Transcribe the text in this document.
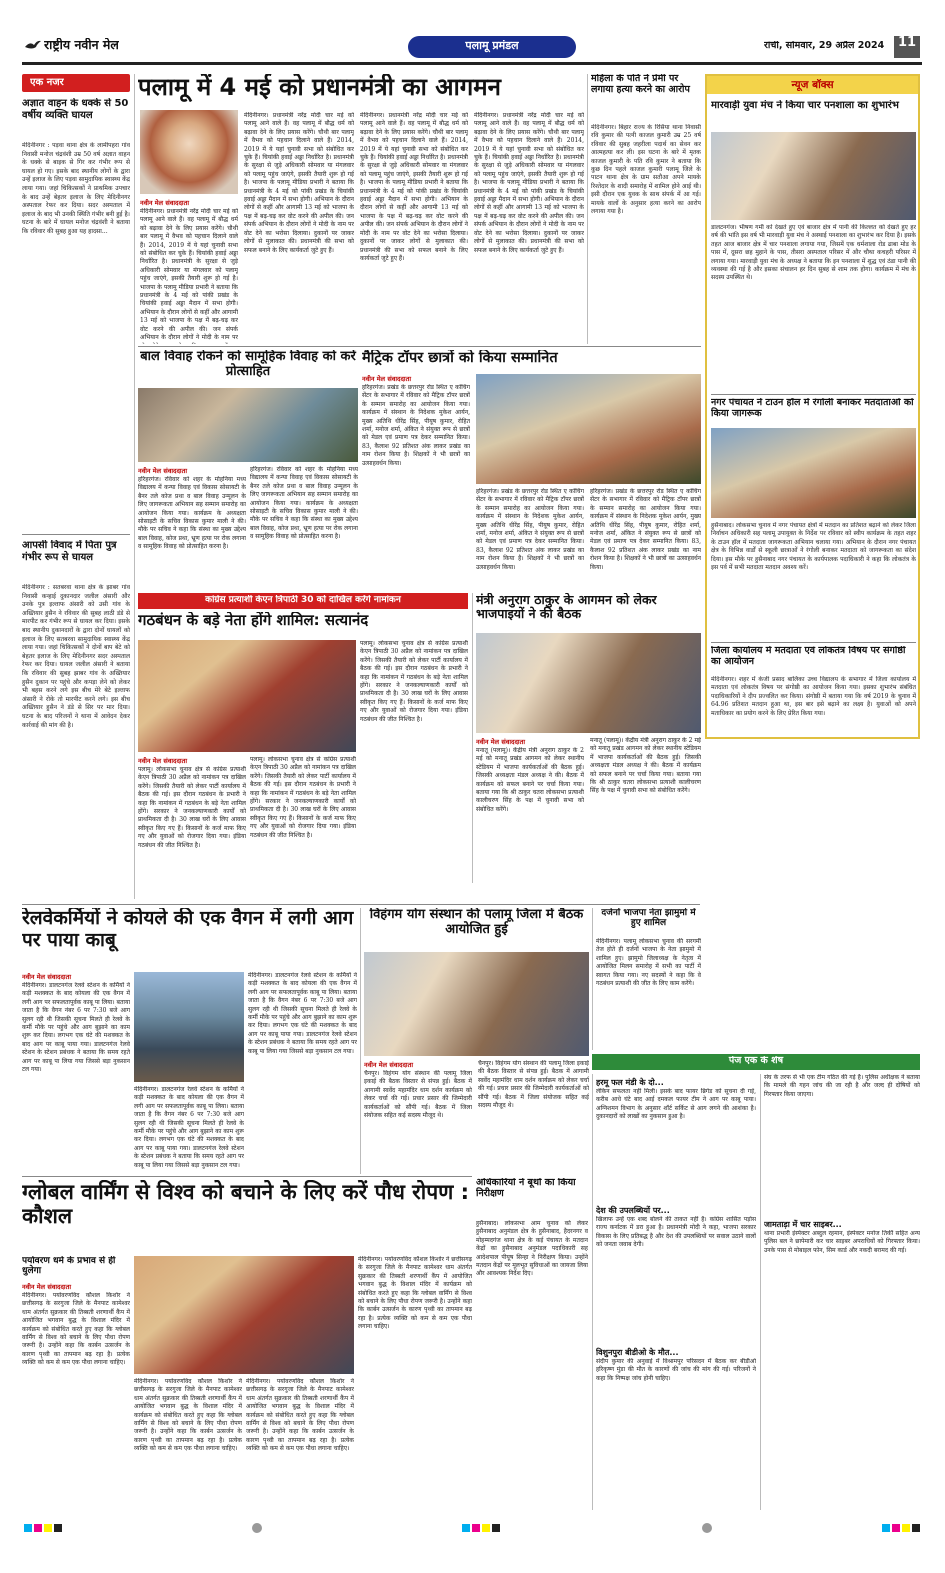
राष्ट्रीय नवीन मेल	पलामू प्रमंडल	रांची, सोमवार, 29 अप्रैल 2024	11
एक नजर
अज्ञात वाहन के धक्के से 50 वर्षीय व्यक्ति घायल
मेदिनीनगर : पड़वा थाना क्षेत्र के लामीपहरा गांव निवासी मनोज चंद्रवंशी उम्र 50 वर्ष अज्ञात वाहन के धक्के से बाइक से गिर कर गंभीर रूप से घायल हो गए। इसके बाद स्थानीय लोगों के द्वारा उन्हें इलाज के लिए पड़वा सामुदायिक स्वास्थ्य केंद्र लाया गया। जहां चिकित्सकों ने प्राथमिक उपचार के बाद उन्हें बेहतर इलाज के लिए मेदिनीनगर अस्पताल रेफर कर दिया। सदर अस्पताल में इलाज के बाद भी उनकी स्थिति गंभीर बनी हुई है। घटना के बारे में घायल मनोज चंद्रवंशी ने बताया कि रविवार की सुबह हुआ यह हादसा...
आपसी विवाद में पिता पुत्र गंभीर रूप से घायल
मेदिनीनगर : सतबरवा थाना क्षेत्र के झाबर गांव निवासी कन्हाई दुकानदार जलील अंसारी और उनके पुत्र इल्ताफ अंसारी को उसी गांव के अख्तियार हुसैन ने रविवार की सुबह लाठी डंडे से मारपीट कर गंभीर रूप से घायल कर दिया। इसके बाद स्थानीय दुकानदारों के द्वारा दोनों घायलों को इलाज के लिए सतबरवा सामुदायिक स्वास्थ्य केंद्र लाया गया। जहां चिकित्सकों ने दोनों बाप बेटे को बेहतर इलाज के लिए मेदिनीनगर सदर अस्पताल रेफर कर दिया। घायल जलील अंसारी ने बताया कि रविवार की सुबह झाबर गांव के अख्तियार हुसैन दुकान पर पहुंचे और कपड़ा लेने को लेकर भी बहस करने लगे इस बीच मेरे बेटे इल्ताफ अंसारी ने रोके तो मारपीट करने लगे। इस बीच अख्तियार हुसैन ने डंडे से सिर पर मार दिया। घटना के बाद परिजनों ने थाना में आवेदन देकर कार्रवाई की मांग की है।
पलामू में 4 मई को प्रधानमंत्री का आगमन
नवीन मेल संवाददाता
मेदिनीनगर। प्रधानमंत्री नरेंद्र मोदी चार मई को पलामू आने वाले हैं। वह पलामू में बौद्ध धर्म को बढ़ावा देने के लिए प्रयास करेंगे। चौथी बार पलामू में वैभव को पहचान दिलाने वाले हैं। 2014, 2019 में ये यहां चुनावी सभा को संबोधित कर चुके हैं। चियांकी हवाई अड्डा निर्धारित है। प्रधानमंत्री के सुरक्षा से जुड़े अधिकारी सोमवार या मंगलवार को पलामू पहुंच जाएंगे, इसकी तैयारी शुरू हो गई है। भाजपा के पलामू मीडिया प्रभारी ने बताया कि प्रधानमंत्री के 4 मई को पांकी प्रखंड के चियांकी हवाई अड्डा मैदान में सभा होगी। अभियान के दौरान लोगों से कहीं और आगामी 13 मई को भाजपा के पक्ष में बढ़-चढ़ कर वोट करने की अपील की। जन संपर्क अभियान के दौरान लोगों ने मोदी के नाम पर
मेदिनीनगर। प्रधानमंत्री नरेंद्र मोदी चार मई को पलामू आने वाले हैं। वह पलामू में बौद्ध धर्म को बढ़ावा देने के लिए प्रयास करेंगे। चौथी बार पलामू में वैभव को पहचान दिलाने वाले हैं। 2014, 2019 में ये यहां चुनावी सभा को संबोधित कर चुके हैं। चियांकी हवाई अड्डा निर्धारित है। प्रधानमंत्री के सुरक्षा से जुड़े अधिकारी सोमवार या मंगलवार को पलामू पहुंच जाएंगे, इसकी तैयारी शुरू हो गई है। भाजपा के पलामू मीडिया प्रभारी ने बताया कि प्रधानमंत्री के 4 मई को पांकी प्रखंड के चियांकी हवाई अड्डा मैदान में सभा होगी। अभियान के दौरान लोगों से कहीं और आगामी 13 मई को भाजपा के पक्ष में बढ़-चढ़ कर वोट करने की अपील की। जन संपर्क अभियान के दौरान लोगों ने मोदी के नाम पर वोट देने का भरोसा दिलाया। दुकानों पर जाकर लोगों से मुलाकात की। प्रधानमंत्री की सभा को सफल बनाने के लिए कार्यकर्ता जुटे हुए हैं।
मेदिनीनगर। प्रधानमंत्री नरेंद्र मोदी चार मई को पलामू आने वाले हैं। वह पलामू में बौद्ध धर्म को बढ़ावा देने के लिए प्रयास करेंगे। चौथी बार पलामू में वैभव को पहचान दिलाने वाले हैं। 2014, 2019 में ये यहां चुनावी सभा को संबोधित कर चुके हैं। चियांकी हवाई अड्डा निर्धारित है। प्रधानमंत्री के सुरक्षा से जुड़े अधिकारी सोमवार या मंगलवार को पलामू पहुंच जाएंगे, इसकी तैयारी शुरू हो गई है। भाजपा के पलामू मीडिया प्रभारी ने बताया कि प्रधानमंत्री के 4 मई को पांकी प्रखंड के चियांकी हवाई अड्डा मैदान में सभा होगी। अभियान के दौरान लोगों से कहीं और आगामी 13 मई को भाजपा के पक्ष में बढ़-चढ़ कर वोट करने की अपील की। जन संपर्क अभियान के दौरान लोगों ने मोदी के नाम पर वोट देने का भरोसा दिलाया। दुकानों पर जाकर लोगों से मुलाकात की। प्रधानमंत्री की सभा को सफल बनाने के लिए कार्यकर्ता जुटे हुए हैं।
मेदिनीनगर। प्रधानमंत्री नरेंद्र मोदी चार मई को पलामू आने वाले हैं। वह पलामू में बौद्ध धर्म को बढ़ावा देने के लिए प्रयास करेंगे। चौथी बार पलामू में वैभव को पहचान दिलाने वाले हैं। 2014, 2019 में ये यहां चुनावी सभा को संबोधित कर चुके हैं। चियांकी हवाई अड्डा निर्धारित है। प्रधानमंत्री के सुरक्षा से जुड़े अधिकारी सोमवार या मंगलवार को पलामू पहुंच जाएंगे, इसकी तैयारी शुरू हो गई है। भाजपा के पलामू मीडिया प्रभारी ने बताया कि प्रधानमंत्री के 4 मई को पांकी प्रखंड के चियांकी हवाई अड्डा मैदान में सभा होगी। अभियान के दौरान लोगों से कहीं और आगामी 13 मई को भाजपा के पक्ष में बढ़-चढ़ कर वोट करने की अपील की। जन संपर्क अभियान के दौरान लोगों ने मोदी के नाम पर वोट देने का भरोसा दिलाया। दुकानों पर जाकर लोगों से मुलाकात की। प्रधानमंत्री की सभा को सफल बनाने के लिए कार्यकर्ता जुटे हुए हैं।
महिला के पति ने प्रेमी पर लगाया हत्या करने का आरोप
मेदिनीनगर। बिहार राज्य के रिसिया थाना निवासी रवि कुमार की पत्नी काजल कुमारी उम्र 25 वर्ष रविवार की सुबह जहरीला पदार्थ का सेवन कर आत्महत्या कर ली। इस घटना के बारे में मृतक काजल कुमारी के पति रवि कुमार ने बताया कि कुछ दिन पहले काजल कुमारी पलामू जिले के पाटन थाना क्षेत्र के ग्राम सतौआ अपने मायके रिश्तेदार के शादी समारोह में शामिल होने आई थी। इसी दौरान एक युवक के साथ संपर्क में आ गई। मायके वालों के अनुसार हत्या करने का आरोप लगाया गया है।
न्यूज बॉक्स
मारवाड़ी युवा मंच ने किया चार पनशाला का शुभारंभ
डालटनगंज। भीषण गर्मी को देखते हुए एवं बाजार क्षेत्र में पानी की किल्लत को देखते हुए हर वर्ष की भांति इस वर्ष भी मारवाड़ी युवा मंच ने अस्थाई पनशाला का शुभारंभ कर दिया है। इसके तहत आज बाजार क्षेत्र में चार पनशाला लगाया गया, जिसमें एक धर्मशाला रोड ढाबा मोड के पास में, दूसरा छह मुहाने के पास, तीसरा अस्पताल परिसर में और चौथा कचहरी परिसर में लगाया गया। मारवाड़ी युवा मंच के अध्यक्ष ने बताया कि इन पनशाला में शुद्ध एवं ठंडा पानी की व्यवस्था की गई है और इसका संचालन हर दिन सुबह से शाम तक होगा। कार्यक्रम में मंच के सदस्य उपस्थित थे।
नगर पंचायत ने टाउन हॉल में रंगोली बनाकर मतदाताओं को किया जागरूक
हुसैनाबाद। लोकसभा चुनाव में नगर पंचायत क्षेत्रों में मतदान का प्रतिशत बढ़ाने को लेकर जिला निर्वाचन अधिकारी सह पलामू उपायुक्त के निर्देश पर रविवार को स्वीप कार्यक्रम के तहत शहर के टाउन हॉल में मतदाता जागरूकता अभियान चलाया गया। अभियान के दौरान नगर पंचायत क्षेत्र के विभिन्न वार्डों से स्कूली छात्राओं ने रंगोली बनाकर मतदाता को जागरूकता का संदेश दिया। इस मौके पर हुसैनाबाद नगर पंचायत के कार्यपालक पदाधिकारी ने कहा कि लोकतंत्र के इस पर्व में सभी मतदाता मतदान अवश्य करें।
जिला कार्यालय में मतदाता एवं लोकतंत्र विषय पर संगोष्ठी का आयोजन
मेदिनीनगर। शहर में केजी प्रसाद बालिका उच्च विद्यालय के सभागार में जिला कार्यालय में मतदाता एवं लोकतंत्र विषय पर संगोष्ठी का आयोजन किया गया। इसका शुभारंभ संबंधित पदाधिकारियों ने दीप प्रज्वलित कर किया। संगोष्ठी में बताया गया कि वर्ष 2019 के चुनाव में 64.96 प्रतिशत मतदान हुआ था, इस बार इसे बढ़ाने का लक्ष्य है। युवाओं को अपने मताधिकार का प्रयोग करने के लिए प्रेरित किया गया।
बाल विवाह रोकने को सामूहिक विवाह को करें प्रोत्साहित
नवीन मेल संवाददाता
हरिहरगंज। रविवार को शहर के मोहनिया मध्य विद्यालय में कन्या विवाह एवं विकास सोसायटी के बैनर तले कोज प्रथा व बाल विवाह उन्मूलन के लिए जागरूकता अभियान सह सम्मान समारोह का आयोजन किया गया। कार्यक्रम के अध्यक्षता सोसाइटी के सचिव विकास कुमार माली ने की। मौके पर सचिव ने कहा कि संस्था का मुख्य उद्देश्य बाल विवाह, कोज प्रथा, भ्रूण हत्या पर रोक लगाना व सामूहिक विवाह को प्रोत्साहित करना है।
हरिहरगंज। रविवार को शहर के मोहनिया मध्य विद्यालय में कन्या विवाह एवं विकास सोसायटी के बैनर तले कोज प्रथा व बाल विवाह उन्मूलन के लिए जागरूकता अभियान सह सम्मान समारोह का आयोजन किया गया। कार्यक्रम के अध्यक्षता सोसाइटी के सचिव विकास कुमार माली ने की। मौके पर सचिव ने कहा कि संस्था का मुख्य उद्देश्य बाल विवाह, कोज प्रथा, भ्रूण हत्या पर रोक लगाना व सामूहिक विवाह को प्रोत्साहित करना है।
मैट्रिक टॉपर छात्रों को किया सम्मानित
नवीन मेल संवाददाता
हरिहरगंज। प्रखंड के छत्तरपुर रोड स्थित ए कोचिंग सेंटर के सभागार में रविवार को मैट्रिक टॉपर छात्रों के सम्मान समारोह का आयोजन किया गया। कार्यक्रम में संस्थान के निदेशक मुकेश आर्यन, मुख्य अतिथि धीरेंद्र सिंह, पीयूष कुमार, रोहित शर्मा, मनोज शर्मा, अंकित ने संयुक्त रूप से छात्रों को मेडल एवं प्रमाण पत्र देकर सम्मानित किया। 83, कैलाश 92 प्रतिशत अंक लाकर प्रखंड का नाम रोशन किया है। शिक्षकों ने भी छात्रों का उत्साहवर्धन किया।
हरिहरगंज। प्रखंड के छत्तरपुर रोड स्थित ए कोचिंग सेंटर के सभागार में रविवार को मैट्रिक टॉपर छात्रों के सम्मान समारोह का आयोजन किया गया। कार्यक्रम में संस्थान के निदेशक मुकेश आर्यन, मुख्य अतिथि धीरेंद्र सिंह, पीयूष कुमार, रोहित शर्मा, मनोज शर्मा, अंकित ने संयुक्त रूप से छात्रों को मेडल एवं प्रमाण पत्र देकर सम्मानित किया। 83, कैलाश 92 प्रतिशत अंक लाकर प्रखंड का नाम रोशन किया है। शिक्षकों ने भी छात्रों का उत्साहवर्धन किया।
हरिहरगंज। प्रखंड के छत्तरपुर रोड स्थित ए कोचिंग सेंटर के सभागार में रविवार को मैट्रिक टॉपर छात्रों के सम्मान समारोह का आयोजन किया गया। कार्यक्रम में संस्थान के निदेशक मुकेश आर्यन, मुख्य अतिथि धीरेंद्र सिंह, पीयूष कुमार, रोहित शर्मा, मनोज शर्मा, अंकित ने संयुक्त रूप से छात्रों को मेडल एवं प्रमाण पत्र देकर सम्मानित किया। 83, कैलाश 92 प्रतिशत अंक लाकर प्रखंड का नाम रोशन किया है। शिक्षकों ने भी छात्रों का उत्साहवर्धन किया।
कांग्रेस प्रत्याशी केएन त्रिपाठी 30 को दाखिल करेंगे नामांकन
गठबंधन के बड़े नेता होंगे शामिल: सत्यानंद
नवीन मेल संवाददाता
पलामू। लोकसभा चुनाव क्षेत्र से कांग्रेस प्रत्याशी केएन त्रिपाठी 30 अप्रैल को नामांकन पत्र दाखिल करेंगे। जिसकी तैयारी को लेकर पार्टी कार्यालय में बैठक की गई। इस दौरान गठबंधन के प्रभारी ने कहा कि नामांकन में गठबंधन के बड़े नेता शामिल होंगे। सरकार ने जनकल्याणकारी कार्यों को प्राथमिकता दी है। 30 लाख घरों के लिए आवास स्वीकृत किए गए हैं। किसानों के कर्ज माफ किए गए और युवाओं को रोजगार दिया गया। इंडिया गठबंधन की जीत निश्चित है।
पलामू। लोकसभा चुनाव क्षेत्र से कांग्रेस प्रत्याशी केएन त्रिपाठी 30 अप्रैल को नामांकन पत्र दाखिल करेंगे। जिसकी तैयारी को लेकर पार्टी कार्यालय में बैठक की गई। इस दौरान गठबंधन के प्रभारी ने कहा कि नामांकन में गठबंधन के बड़े नेता शामिल होंगे। सरकार ने जनकल्याणकारी कार्यों को प्राथमिकता दी है। 30 लाख घरों के लिए आवास स्वीकृत किए गए हैं। किसानों के कर्ज माफ किए गए और युवाओं को रोजगार दिया गया। इंडिया गठबंधन की जीत निश्चित है।
पलामू। लोकसभा चुनाव क्षेत्र से कांग्रेस प्रत्याशी केएन त्रिपाठी 30 अप्रैल को नामांकन पत्र दाखिल करेंगे। जिसकी तैयारी को लेकर पार्टी कार्यालय में बैठक की गई। इस दौरान गठबंधन के प्रभारी ने कहा कि नामांकन में गठबंधन के बड़े नेता शामिल होंगे। सरकार ने जनकल्याणकारी कार्यों को प्राथमिकता दी है। 30 लाख घरों के लिए आवास स्वीकृत किए गए हैं। किसानों के कर्ज माफ किए गए और युवाओं को रोजगार दिया गया। इंडिया गठबंधन की जीत निश्चित है।
मंत्री अनुराग ठाकुर के आगमन को लेकर भाजपाइयों ने की बैठक
नवीन मेल संवाददाता
मनातू (पलामू)। केंद्रीय मंत्री अनुराग ठाकुर के 2 मई को मनातू प्रखंड आगमन को लेकर स्थानीय स्टेडियम में भाजपा कार्यकर्ताओं की बैठक हुई। जिसकी अध्यक्षता मंडल अध्यक्ष ने की। बैठक में कार्यक्रम को सफल बनाने पर चर्चा किया गया। बताया गया कि श्री ठाकुर चतरा लोकसभा प्रत्याशी कालीचरण सिंह के पक्ष में चुनावी सभा को संबोधित करेंगे।
मनातू (पलामू)। केंद्रीय मंत्री अनुराग ठाकुर के 2 मई को मनातू प्रखंड आगमन को लेकर स्थानीय स्टेडियम में भाजपा कार्यकर्ताओं की बैठक हुई। जिसकी अध्यक्षता मंडल अध्यक्ष ने की। बैठक में कार्यक्रम को सफल बनाने पर चर्चा किया गया। बताया गया कि श्री ठाकुर चतरा लोकसभा प्रत्याशी कालीचरण सिंह के पक्ष में चुनावी सभा को संबोधित करेंगे।
रेलवेकर्मियों ने कोयले की एक वैगन में लगी आग पर पाया काबू
नवीन मेल संवाददाता
मेदिनीनगर। डालटनगंज रेलवे स्टेशन के कर्मियों ने कड़ी मशक्कत के बाद कोयला की एक वैगन में लगी आग पर सफलतापूर्वक काबू पा लिया। बताया जाता है कि वैगन नंबर 6 पर 7:30 बजे आग सुलग रही थी जिसकी सूचना मिलते ही रेलवे के कर्मी मौके पर पहुंचे और आग बुझाने का काम शुरू कर दिया। लगभग एक घंटे की मशक्कत के बाद आग पर काबू पाया गया। डालटनगंज रेलवे स्टेशन के स्टेशन प्रबंधक ने बताया कि समय रहते आग पर काबू पा लिया गया जिससे बड़ा नुकसान टल गया।
मेदिनीनगर। डालटनगंज रेलवे स्टेशन के कर्मियों ने कड़ी मशक्कत के बाद कोयला की एक वैगन में लगी आग पर सफलतापूर्वक काबू पा लिया। बताया जाता है कि वैगन नंबर 6 पर 7:30 बजे आग सुलग रही थी जिसकी सूचना मिलते ही रेलवे के कर्मी मौके पर पहुंचे और आग बुझाने का काम शुरू कर दिया। लगभग एक घंटे की मशक्कत के बाद आग पर काबू पाया गया। डालटनगंज रेलवे स्टेशन के स्टेशन प्रबंधक ने बताया कि समय रहते आग पर काबू पा लिया गया जिससे बड़ा नुकसान टल गया।
मेदिनीनगर। डालटनगंज रेलवे स्टेशन के कर्मियों ने कड़ी मशक्कत के बाद कोयला की एक वैगन में लगी आग पर सफलतापूर्वक काबू पा लिया। बताया जाता है कि वैगन नंबर 6 पर 7:30 बजे आग सुलग रही थी जिसकी सूचना मिलते ही रेलवे के कर्मी मौके पर पहुंचे और आग बुझाने का काम शुरू कर दिया। लगभग एक घंटे की मशक्कत के बाद आग पर काबू पाया गया। डालटनगंज रेलवे स्टेशन के स्टेशन प्रबंधक ने बताया कि समय रहते आग पर काबू पा लिया गया जिससे बड़ा नुकसान टल गया।
विहंगम योग संस्थान की पलामू जिला में बैठक आयोजित हुई
नवीन मेल संवाददाता
चैनपुर। विहंगम योग संस्थान की पलामू जिला इकाई की बैठक विस्तार से संपन्न हुई। बैठक में आगामी स्वर्वेद महामंदिर धाम दर्शन कार्यक्रम को लेकर चर्चा की गई। प्रचार प्रसार की जिम्मेदारी कार्यकर्ताओं को सौंपी गई। बैठक में जिला संयोजक सहित कई सदस्य मौजूद थे।
चैनपुर। विहंगम योग संस्थान की पलामू जिला इकाई की बैठक विस्तार से संपन्न हुई। बैठक में आगामी स्वर्वेद महामंदिर धाम दर्शन कार्यक्रम को लेकर चर्चा की गई। प्रचार प्रसार की जिम्मेदारी कार्यकर्ताओं को सौंपी गई। बैठक में जिला संयोजक सहित कई सदस्य मौजूद थे।
दर्जनों भाजपा नेता झामुमो में हुए शामिल
मेदिनीनगर। पलामू लोकसभा चुनाव की सरगर्मी तेज होते ही दर्जनों भाजपा के नेता झामुमो में शामिल हुए। झामुमो जिलाध्यक्ष के नेतृत्व में आयोजित मिलन समारोह में सभी का पार्टी में स्वागत किया गया। नए सदस्यों ने कहा कि वे गठबंधन प्रत्याशी की जीत के लिए काम करेंगे।
पेज एक के शेष
अधिकारियों ने बूथों का किया निरीक्षण
हुसैनाबाद। लोकसभा आम चुनाव को लेकर हुसैनाबाद अनुमंडल क्षेत्र के हुसैनाबाद, हैदरनगर व मोहम्मदगंज थाना क्षेत्र के कई पंचायत के मतदान केंद्रों का हुसैनाबाद अनुमंडल पदाधिकारी सह आदेशपाल पीयूष सिन्हा ने निरीक्षण किया। उन्होंने मतदान केंद्रों पर मूलभूत सुविधाओं का जायजा लिया और आवश्यक निर्देश दिए।
ग्लोबल वार्मिंग से विश्व को बचाने के लिए करें पौध रोपण : कौशल
पर्यावरण धर्म के प्रभाव से ही धुलेगा
नवीन मेल संवाददाता
मेदिनीनगर। पर्यावरणविद कौशल किशोर ने छत्तीसगढ़ के सरगुजा जिले के मैनपाट कामेश्वर धाम अंतर्गत सुक्रकार की तिब्बती शरणार्थी कैंप में आयोजित भगवान बुद्ध के विशाल मंदिर में कार्यक्रम को संबोधित करते हुए कहा कि ग्लोबल वार्मिंग से विश्व को बचाने के लिए पौधा रोपण जरूरी है। उन्होंने कहा कि कार्बन उत्सर्जन के कारण पृथ्वी का तापमान बढ़ रहा है। प्रत्येक व्यक्ति को कम से कम एक पौधा लगाना चाहिए।
मेदिनीनगर। पर्यावरणविद कौशल किशोर ने छत्तीसगढ़ के सरगुजा जिले के मैनपाट कामेश्वर धाम अंतर्गत सुक्रकार की तिब्बती शरणार्थी कैंप में आयोजित भगवान बुद्ध के विशाल मंदिर में कार्यक्रम को संबोधित करते हुए कहा कि ग्लोबल वार्मिंग से विश्व को बचाने के लिए पौधा रोपण जरूरी है। उन्होंने कहा कि कार्बन उत्सर्जन के कारण पृथ्वी का तापमान बढ़ रहा है। प्रत्येक व्यक्ति को कम से कम एक पौधा लगाना चाहिए।
मेदिनीनगर। पर्यावरणविद कौशल किशोर ने छत्तीसगढ़ के सरगुजा जिले के मैनपाट कामेश्वर धाम अंतर्गत सुक्रकार की तिब्बती शरणार्थी कैंप में आयोजित भगवान बुद्ध के विशाल मंदिर में कार्यक्रम को संबोधित करते हुए कहा कि ग्लोबल वार्मिंग से विश्व को बचाने के लिए पौधा रोपण जरूरी है। उन्होंने कहा कि कार्बन उत्सर्जन के कारण पृथ्वी का तापमान बढ़ रहा है। प्रत्येक व्यक्ति को कम से कम एक पौधा लगाना चाहिए।
मेदिनीनगर। पर्यावरणविद कौशल किशोर ने छत्तीसगढ़ के सरगुजा जिले के मैनपाट कामेश्वर धाम अंतर्गत सुक्रकार की तिब्बती शरणार्थी कैंप में आयोजित भगवान बुद्ध के विशाल मंदिर में कार्यक्रम को संबोधित करते हुए कहा कि ग्लोबल वार्मिंग से विश्व को बचाने के लिए पौधा रोपण जरूरी है। उन्होंने कहा कि कार्बन उत्सर्जन के कारण पृथ्वी का तापमान बढ़ रहा है। प्रत्येक व्यक्ति को कम से कम एक पौधा लगाना चाहिए।
हरमू फल मंडी के दो...
लेकिन सफलता नहीं मिली। इसके बाद फायर ब्रिगेड को सूचना दी गई, करीब आधे घंटे बाद आई दमकल फायर टीम ने आग पर काबू पाया। अग्निशमन विभाग के अनुसार शॉर्ट सर्किट से आग लगने की आशंका है। दुकानदारों को लाखों का नुकसान हुआ है।
देश की उपलब्धियों पर...
खिलाफ उन्हें एक शब्द बोलने की ताकत नहीं है। कांग्रेस शासित पड़ोस राज्य कर्नाटक में डरा हुआ है। प्रधानमंत्री मोदी ने कहा, भाजपा सरकार विकास के लिए प्रतिबद्ध है और देश की उपलब्धियों पर सवाल उठाने वालों को जनता जवाब देगी।
विशुनपुरा बीडीओ के मौत...
संदीप कुमार की अनुवाई में विश्रामपुर परिसदन में बैठक कर बीडीओ हरिकृष्ण मुंडा की मौत के कारणों की जांच की मांग की गई। परिजनों ने कहा कि निष्पक्ष जांच होनी चाहिए।
संघ के तरफ से भी एक टीम गठित की गई है। पुलिस अधीक्षक ने बताया कि मामले की गहन जांच की जा रही है और जल्द ही दोषियों को गिरफ्तार किया जाएगा।
जामताड़ा में चार साइबर...
थाना प्रभारी इंस्पेक्टर अब्दुल रहमान, इंस्पेक्टर मनोज तिर्की सहित अन्य पुलिस बल ने छापेमारी कर चार साइबर अपराधियों को गिरफ्तार किया। उनके पास से मोबाइल फोन, सिम कार्ड और नकदी बरामद की गई।
